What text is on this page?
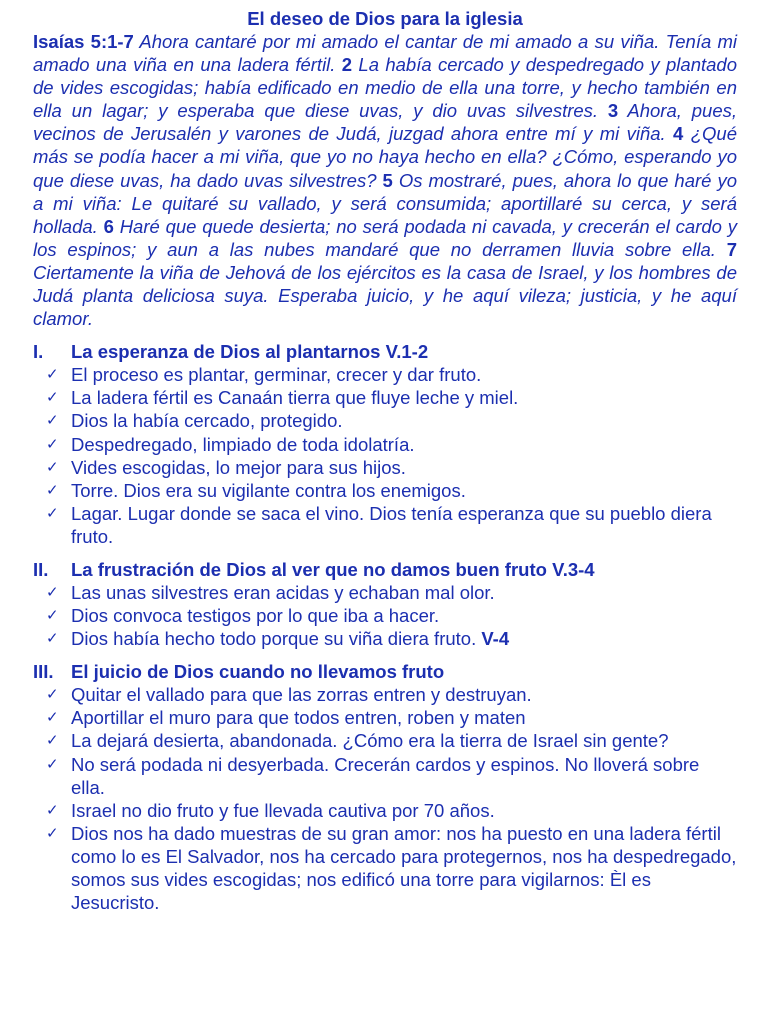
El deseo de Dios para la iglesia

Isaías 5:1-7 Ahora cantaré por mi amado el cantar de mi amado a su viña. Tenía mi amado una viña en una ladera fértil. 2 La había cercado y despedregado y plantado de vides escogidas; había edificado en medio de ella una torre, y hecho también en ella un lagar; y esperaba que diese uvas, y dio uvas silvestres. 3 Ahora, pues, vecinos de Jerusalén y varones de Judá, juzgad ahora entre mí y mi viña. 4 ¿Qué más se podía hacer a mi viña, que yo no haya hecho en ella? ¿Cómo, esperando yo que diese uvas, ha dado uvas silvestres? 5 Os mostraré, pues, ahora lo que haré yo a mi viña: Le quitaré su vallado, y será consumida; aportillaré su cerca, y será hollada. 6 Haré que quede desierta; no será podada ni cavada, y crecerán el cardo y los espinos; y aun a las nubes mandaré que no derramen lluvia sobre ella. 7 Ciertamente la viña de Jehová de los ejércitos es la casa de Israel, y los hombres de Judá planta deliciosa suya. Esperaba juicio, y he aquí vileza; justicia, y he aquí clamor.

I.	La esperanza de Dios al plantarnos V.1-2
✓ El proceso es plantar, germinar, crecer y dar fruto.
✓ La ladera fértil es Canaán tierra que fluye leche y miel.
✓ Dios la había cercado, protegido.
✓ Despedregado, limpiado de toda idolatría.
✓ Vides escogidas, lo mejor para sus hijos.
✓ Torre. Dios era su vigilante contra los enemigos.
✓ Lagar. Lugar donde se saca el vino. Dios tenía esperanza que su pueblo diera fruto.
II.	La frustración de Dios al ver que no damos buen fruto V.3-4
✓ Las unas silvestres eran acidas y echaban mal olor.
✓ Dios convoca testigos por lo que iba a hacer.
✓ Dios había hecho todo porque su viña diera fruto. V-4
III. El juicio de Dios cuando no llevamos fruto
✓ Quitar el vallado para que las zorras entren y destruyan.
✓ Aportillar el muro para que todos entren, roben y maten
✓ La dejará desierta, abandonada. ¿Cómo era la tierra de Israel sin gente?
✓ No será podada ni desyerbada. Crecerán cardos y espinos. No lloverá sobre ella.
✓ Israel no dio fruto y fue llevada cautiva por 70 años.
✓ Dios nos ha dado muestras de su gran amor: nos ha puesto en una ladera fértil como lo es El Salvador, nos ha cercado para protegernos, nos ha despedregado, somos sus vides escogidas; nos edificó una torre para vigilarnos: Èl es Jesucristo.
